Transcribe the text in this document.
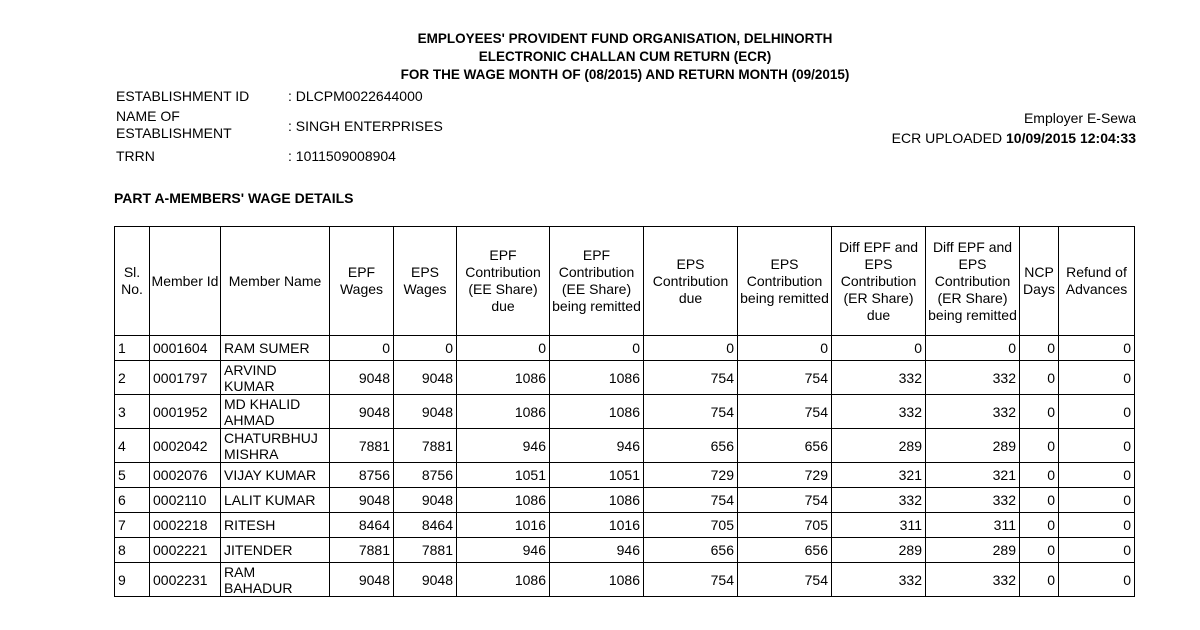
EMPLOYEES' PROVIDENT FUND ORGANISATION, DELHINORTH
ELECTRONIC CHALLAN CUM RETURN (ECR)
FOR THE WAGE MONTH OF (08/2015) AND RETURN MONTH (09/2015)
ESTABLISHMENT ID	: DLCPM0022644000
NAME OF ESTABLISHMENT	: SINGH ENTERPRISES
TRRN	: 1011509008904
Employer E-Sewa
ECR UPLOADED 10/09/2015 12:04:33
PART A-MEMBERS' WAGE DETAILS
Sl. No.	Member Id	Member Name	EPF Wages	EPS Wages	EPF Contribution (EE Share) due	EPF Contribution (EE Share) being remitted	EPS Contribution due	EPS Contribution being remitted	Diff EPF and EPS Contribution (ER Share) due	Diff EPF and EPS Contribution (ER Share) being remitted	NCP Days	Refund of Advances
1	0001604	RAM SUMER	0	0	0	0	0	0	0	0	0	0
2	0001797	ARVIND KUMAR	9048	9048	1086	1086	754	754	332	332	0	0
3	0001952	MD KHALID AHMAD	9048	9048	1086	1086	754	754	332	332	0	0
4	0002042	CHATURBHUJ MISHRA	7881	7881	946	946	656	656	289	289	0	0
5	0002076	VIJAY KUMAR	8756	8756	1051	1051	729	729	321	321	0	0
6	0002110	LALIT KUMAR	9048	9048	1086	1086	754	754	332	332	0	0
7	0002218	RITESH	8464	8464	1016	1016	705	705	311	311	0	0
8	0002221	JITENDER	7881	7881	946	946	656	656	289	289	0	0
9	0002231	RAM BAHADUR	9048	9048	1086	1086	754	754	332	332	0	0
